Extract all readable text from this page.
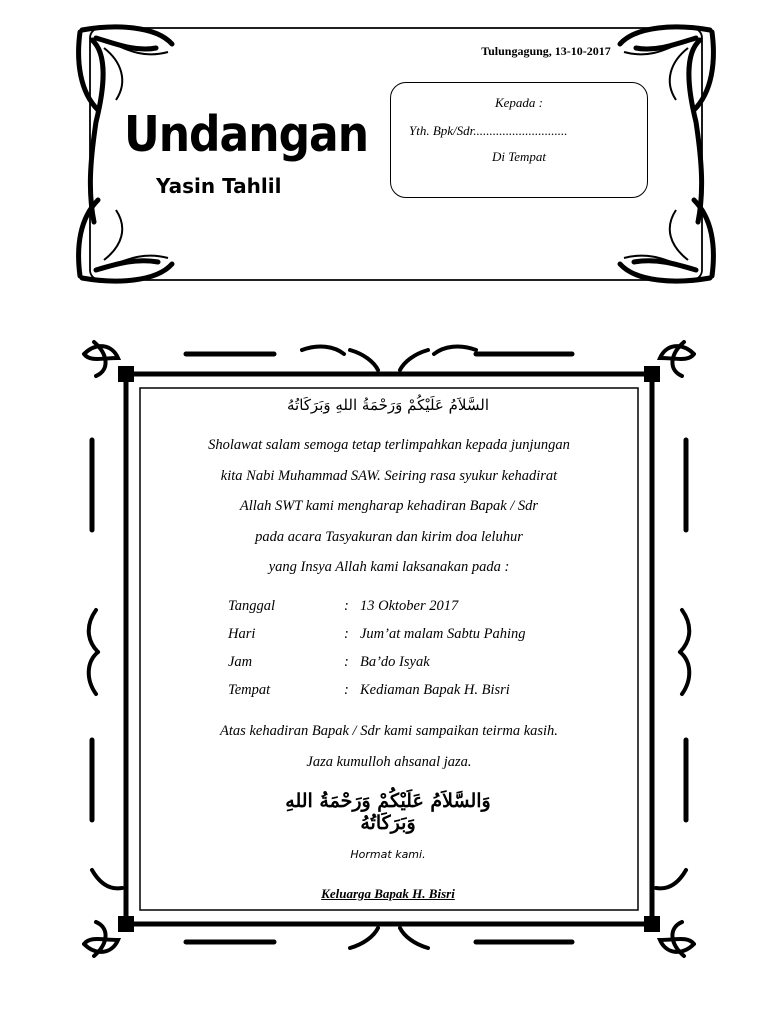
Tulungagung, 13-10-2017
Undangan
Yasin Tahlil
Kepada :
Yth. Bpk/Sdr.............................
Di Tempat
السَّلاَمُ عَلَيْكُمْ وَرَحْمَةُ اللهِ وَبَرَكَاتُهُ
Sholawat salam semoga tetap terlimpahkan kepada junjungan
kita Nabi Muhammad SAW. Seiring rasa syukur kehadirat
Allah SWT kami mengharap kehadiran Bapak / Sdr
pada acara Tasyakuran dan kirim doa leluhur
yang Insya Allah kami laksanakan pada :
Tanggal	: 13 Oktober 2017
Hari	: Jum’at malam Sabtu Pahing
Jam	: Ba’do Isyak
Tempat	: Kediaman Bapak H. Bisri
Atas kehadiran Bapak / Sdr kami sampaikan teirma kasih.
Jaza kumulloh ahsanal jaza.
وَالسَّلاَمُ عَلَيْكُمْ وَرَحْمَةُ اللهِ وَبَرَكَاتُهُ
Hormat kami.
Keluarga Bapak H. Bisri
